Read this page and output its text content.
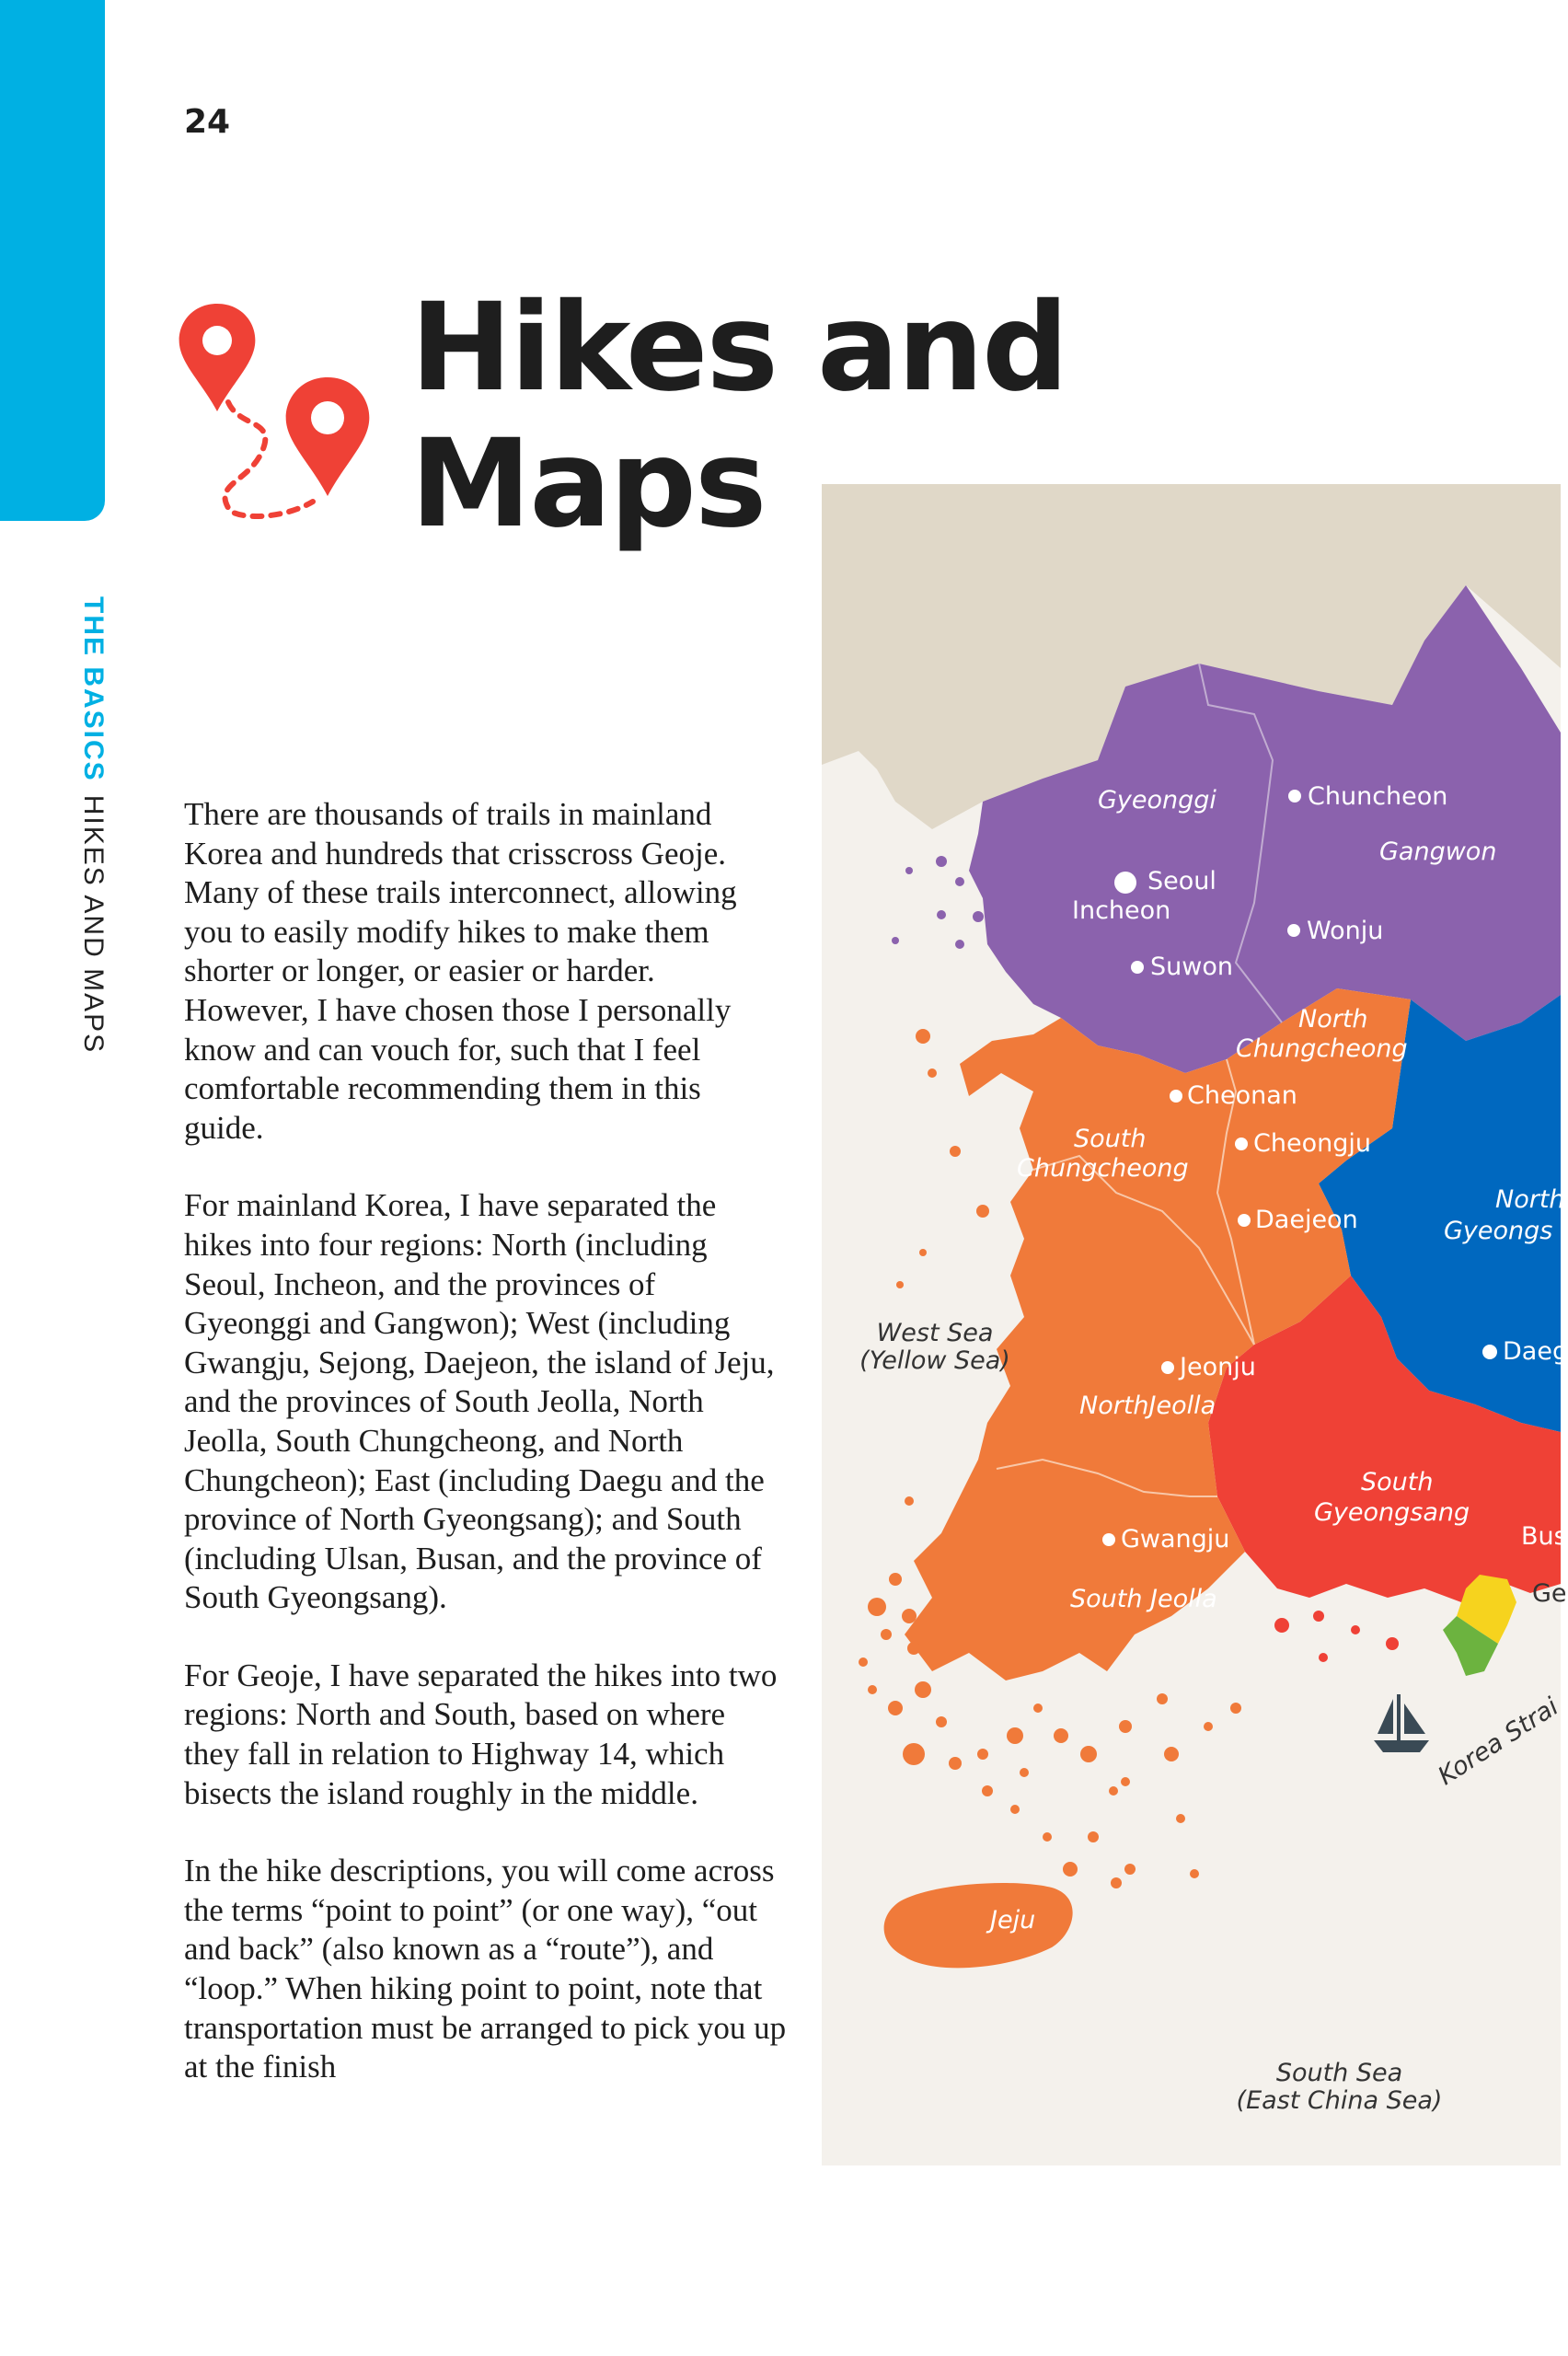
24
THE BASICSHIKES AND MAPS
Hikes and
Maps

There are thousands of trails in mainland Korea and hundreds that crisscross Geoje. Many of these trails interconnect, allowing you to easily modify hikes to make them shorter or longer, or easier or harder. However, I have chosen those I personally know and can vouch for, such that I feel comfortable recommending them in this guide.

For mainland Korea, I have separated the hikes into four regions: North (including Seoul, Incheon, and the provinces of Gyeonggi and Gangwon); West (including Gwangju, Sejong, Daejeon, the island of Jeju, and the provinces of South Jeolla, North Jeolla, South Chungcheong, and North Chungcheon); East (including Daegu and the province of North Gyeongsang); and South (including Ulsan, Busan, and the province of South Gyeongsang).

For Geoje, I have separated the hikes into two regions: North and South, based on where they fall in relation to Highway 14, which bisects the island roughly in the middle.

In the hike descriptions, you will come across the terms “point to point” (or one way), “out and back” (also known as a “route”), and “loop.” When hiking point to point, note that transportation must be arranged to pick you up at the finish

Gyeonggi
Gangwon
North
Chungcheong
South
Chungcheong
North
Gyeongs
NorthJeolla
South
Gyeongsang
South Jeolla
Jeju
Chuncheon
Seoul
Incheon
Wonju
Suwon
Cheonan
Cheongju
Daejeon
Daeg
Jeonju
Gwangju	Bus
Ge
West Sea
(Yellow Sea)
South Sea
(East China Sea)
Korea Strai
